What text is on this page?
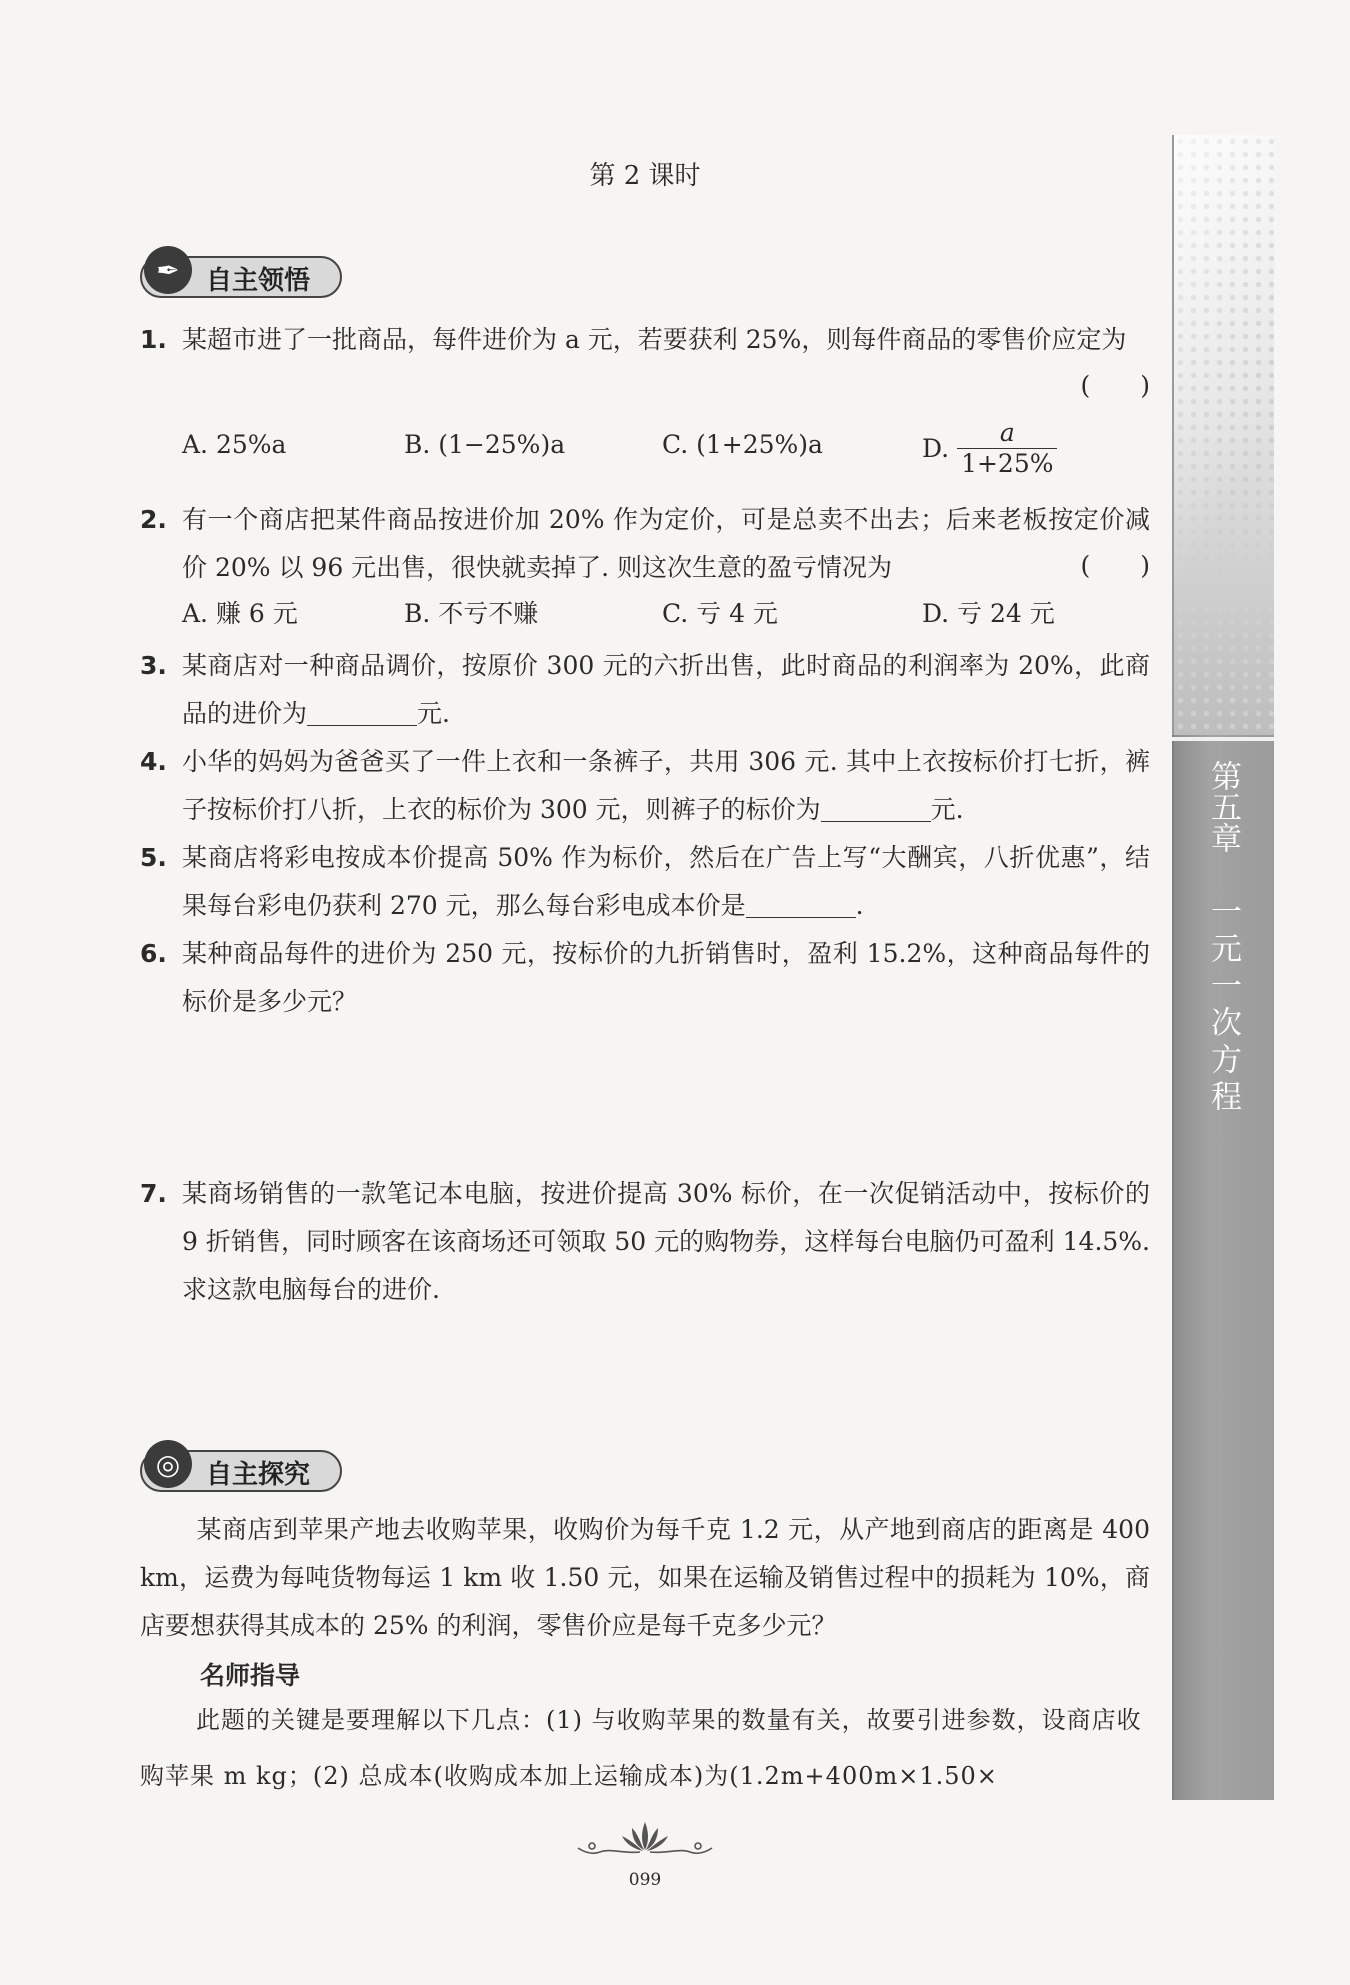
第五章
一元一次方程
第 2 课时
✒	自主领悟
1. 某超市进了一批商品，每件进价为 a 元，若要获利 25%，则每件商品的零售价应定为
(　　)
A. 25%a	B. (1−25%)a	C. (1+25%)a	D. $\frac{a}{1+25\%}$
2. 有一个商店把某件商品按进价加 20% 作为定价，可是总卖不出去；后来老板按定价减价 20% 以 96 元出售，很快就卖掉了. 则这次生意的盈亏情况为	(　　)
A. 赚 6 元	B. 不亏不赚	C. 亏 4 元	D. 亏 24 元
3. 某商店对一种商品调价，按原价 300 元的六折出售，此时商品的利润率为 20%，此商品的进价为	元.
4. 小华的妈妈为爸爸买了一件上衣和一条裤子，共用 306 元. 其中上衣按标价打七折，裤子按标价打八折，上衣的标价为 300 元，则裤子的标价为	元.
5. 某商店将彩电按成本价提高 50% 作为标价，然后在广告上写“大酬宾，八折优惠”，结果每台彩电仍获利 270 元，那么每台彩电成本价是	.
6. 某种商品每件的进价为 250 元，按标价的九折销售时，盈利 15.2%，这种商品每件的标价是多少元？
7. 某商场销售的一款笔记本电脑，按进价提高 30% 标价，在一次促销活动中，按标价的 9 折销售，同时顾客在该商场还可领取 50 元的购物券，这样每台电脑仍可盈利 14.5%. 求这款电脑每台的进价.
◎ 自主探究
某商店到苹果产地去收购苹果，收购价为每千克 1.2 元，从产地到商店的距离是 400 km，运费为每吨货物每运 1 km 收 1.50 元，如果在运输及销售过程中的损耗为 10%，商店要想获得其成本的 25% 的利润，零售价应是每千克多少元？
名师指导
此题的关键是要理解以下几点：(1) 与收购苹果的数量有关，故要引进参数，设商店收购苹果 m kg；(2) 总成本(收购成本加上运输成本)为(1.2m+400m×1.50×
099
